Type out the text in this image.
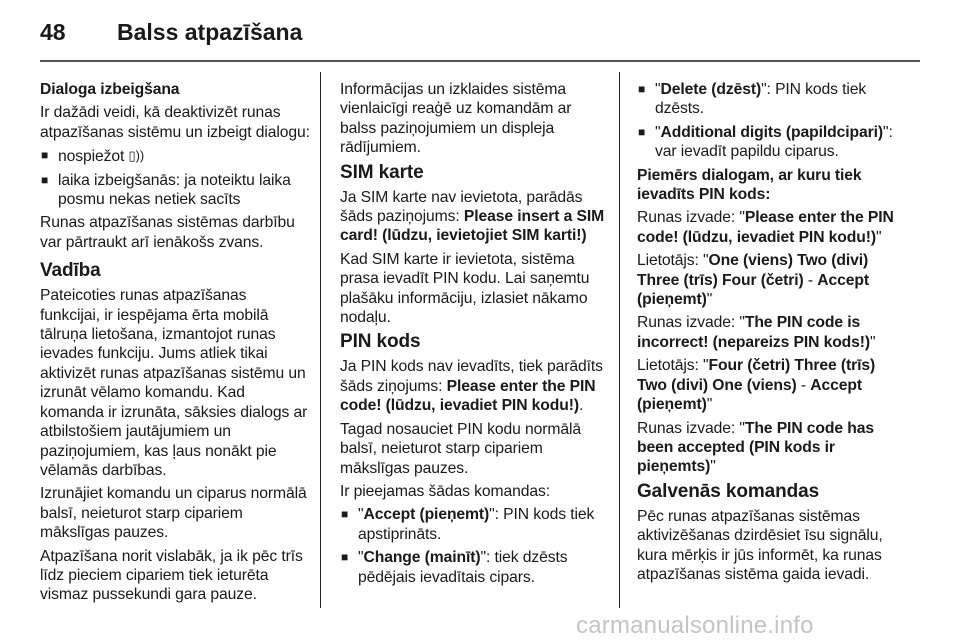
48 Balss atpazīšana

Dialoga izbeigšana

Ir dažādi veidi, kā deaktivizēt runas atpazīšanas sistēmu un izbeigt dialogu:

■ nospiežot ▯))
■ laika izbeigšanās: ja noteiktu laika posmu nekas netiek sacīts

Runas atpazīšanas sistēmas darbību var pārtraukt arī ienākošs zvans.

Vadība

Pateicoties runas atpazīšanas funkcijai, ir iespējama ērta mobilā tālruņa lietošana, izmantojot runas ievades funkciju. Jums atliek tikai aktivizēt runas atpazīšanas sistēmu un izrunāt vēlamo komandu. Kad komanda ir izrunāta, sāksies dialogs ar atbilstošiem jautājumiem un paziņojumiem, kas ļaus nonākt pie vēlamās darbības.

Izrunājiet komandu un ciparus normālā balsī, neieturot starp cipariem mākslīgas pauzes.

Atpazīšana norit vislabāk, ja ik pēc trīs līdz pieciem cipariem tiek ieturēta vismaz pussekundi gara pauze.

Informācijas un izklaides sistēma vienlaicīgi reaģē uz komandām ar balss paziņojumiem un displeja rādījumiem.

SIM karte

Ja SIM karte nav ievietota, parādās šāds paziņojums: Please insert a SIM card! (lūdzu, ievietojiet SIM karti!)

Kad SIM karte ir ievietota, sistēma prasa ievadīt PIN kodu. Lai saņemtu plašāku informāciju, izlasiet nākamo nodaļu.

PIN kods

Ja PIN kods nav ievadīts, tiek parādīts šāds ziņojums: Please enter the PIN code! (lūdzu, ievadiet PIN kodu!).

Tagad nosauciet PIN kodu normālā balsī, neieturot starp cipariem mākslīgas pauzes.

Ir pieejamas šādas komandas:

■ "Accept (pieņemt)": PIN kods tiek apstiprināts.
■ "Change (mainīt)": tiek dzēsts pēdējais ievadītais cipars.
■ "Delete (dzēst)": PIN kods tiek dzēsts.
■ "Additional digits (papildcipari)": var ievadīt papildu ciparus.

Piemērs dialogam, ar kuru tiek ievadīts PIN kods:

Runas izvade: "Please enter the PIN code! (lūdzu, ievadiet PIN kodu!)"

Lietotājs: "One (viens) Two (divi) Three (trīs) Four (četri) - Accept (pieņemt)"

Runas izvade: "The PIN code is incorrect! (nepareizs PIN kods!)"

Lietotājs: "Four (četri) Three (trīs) Two (divi) One (viens) - Accept (pieņemt)"

Runas izvade: "The PIN code has been accepted (PIN kods ir pieņemts)"

Galvenās komandas

Pēc runas atpazīšanas sistēmas aktivizēšanas dzirdēsiet īsu signālu, kura mērķis ir jūs informēt, ka runas atpazīšanas sistēma gaida ievadi.

carmanualsonline.info
